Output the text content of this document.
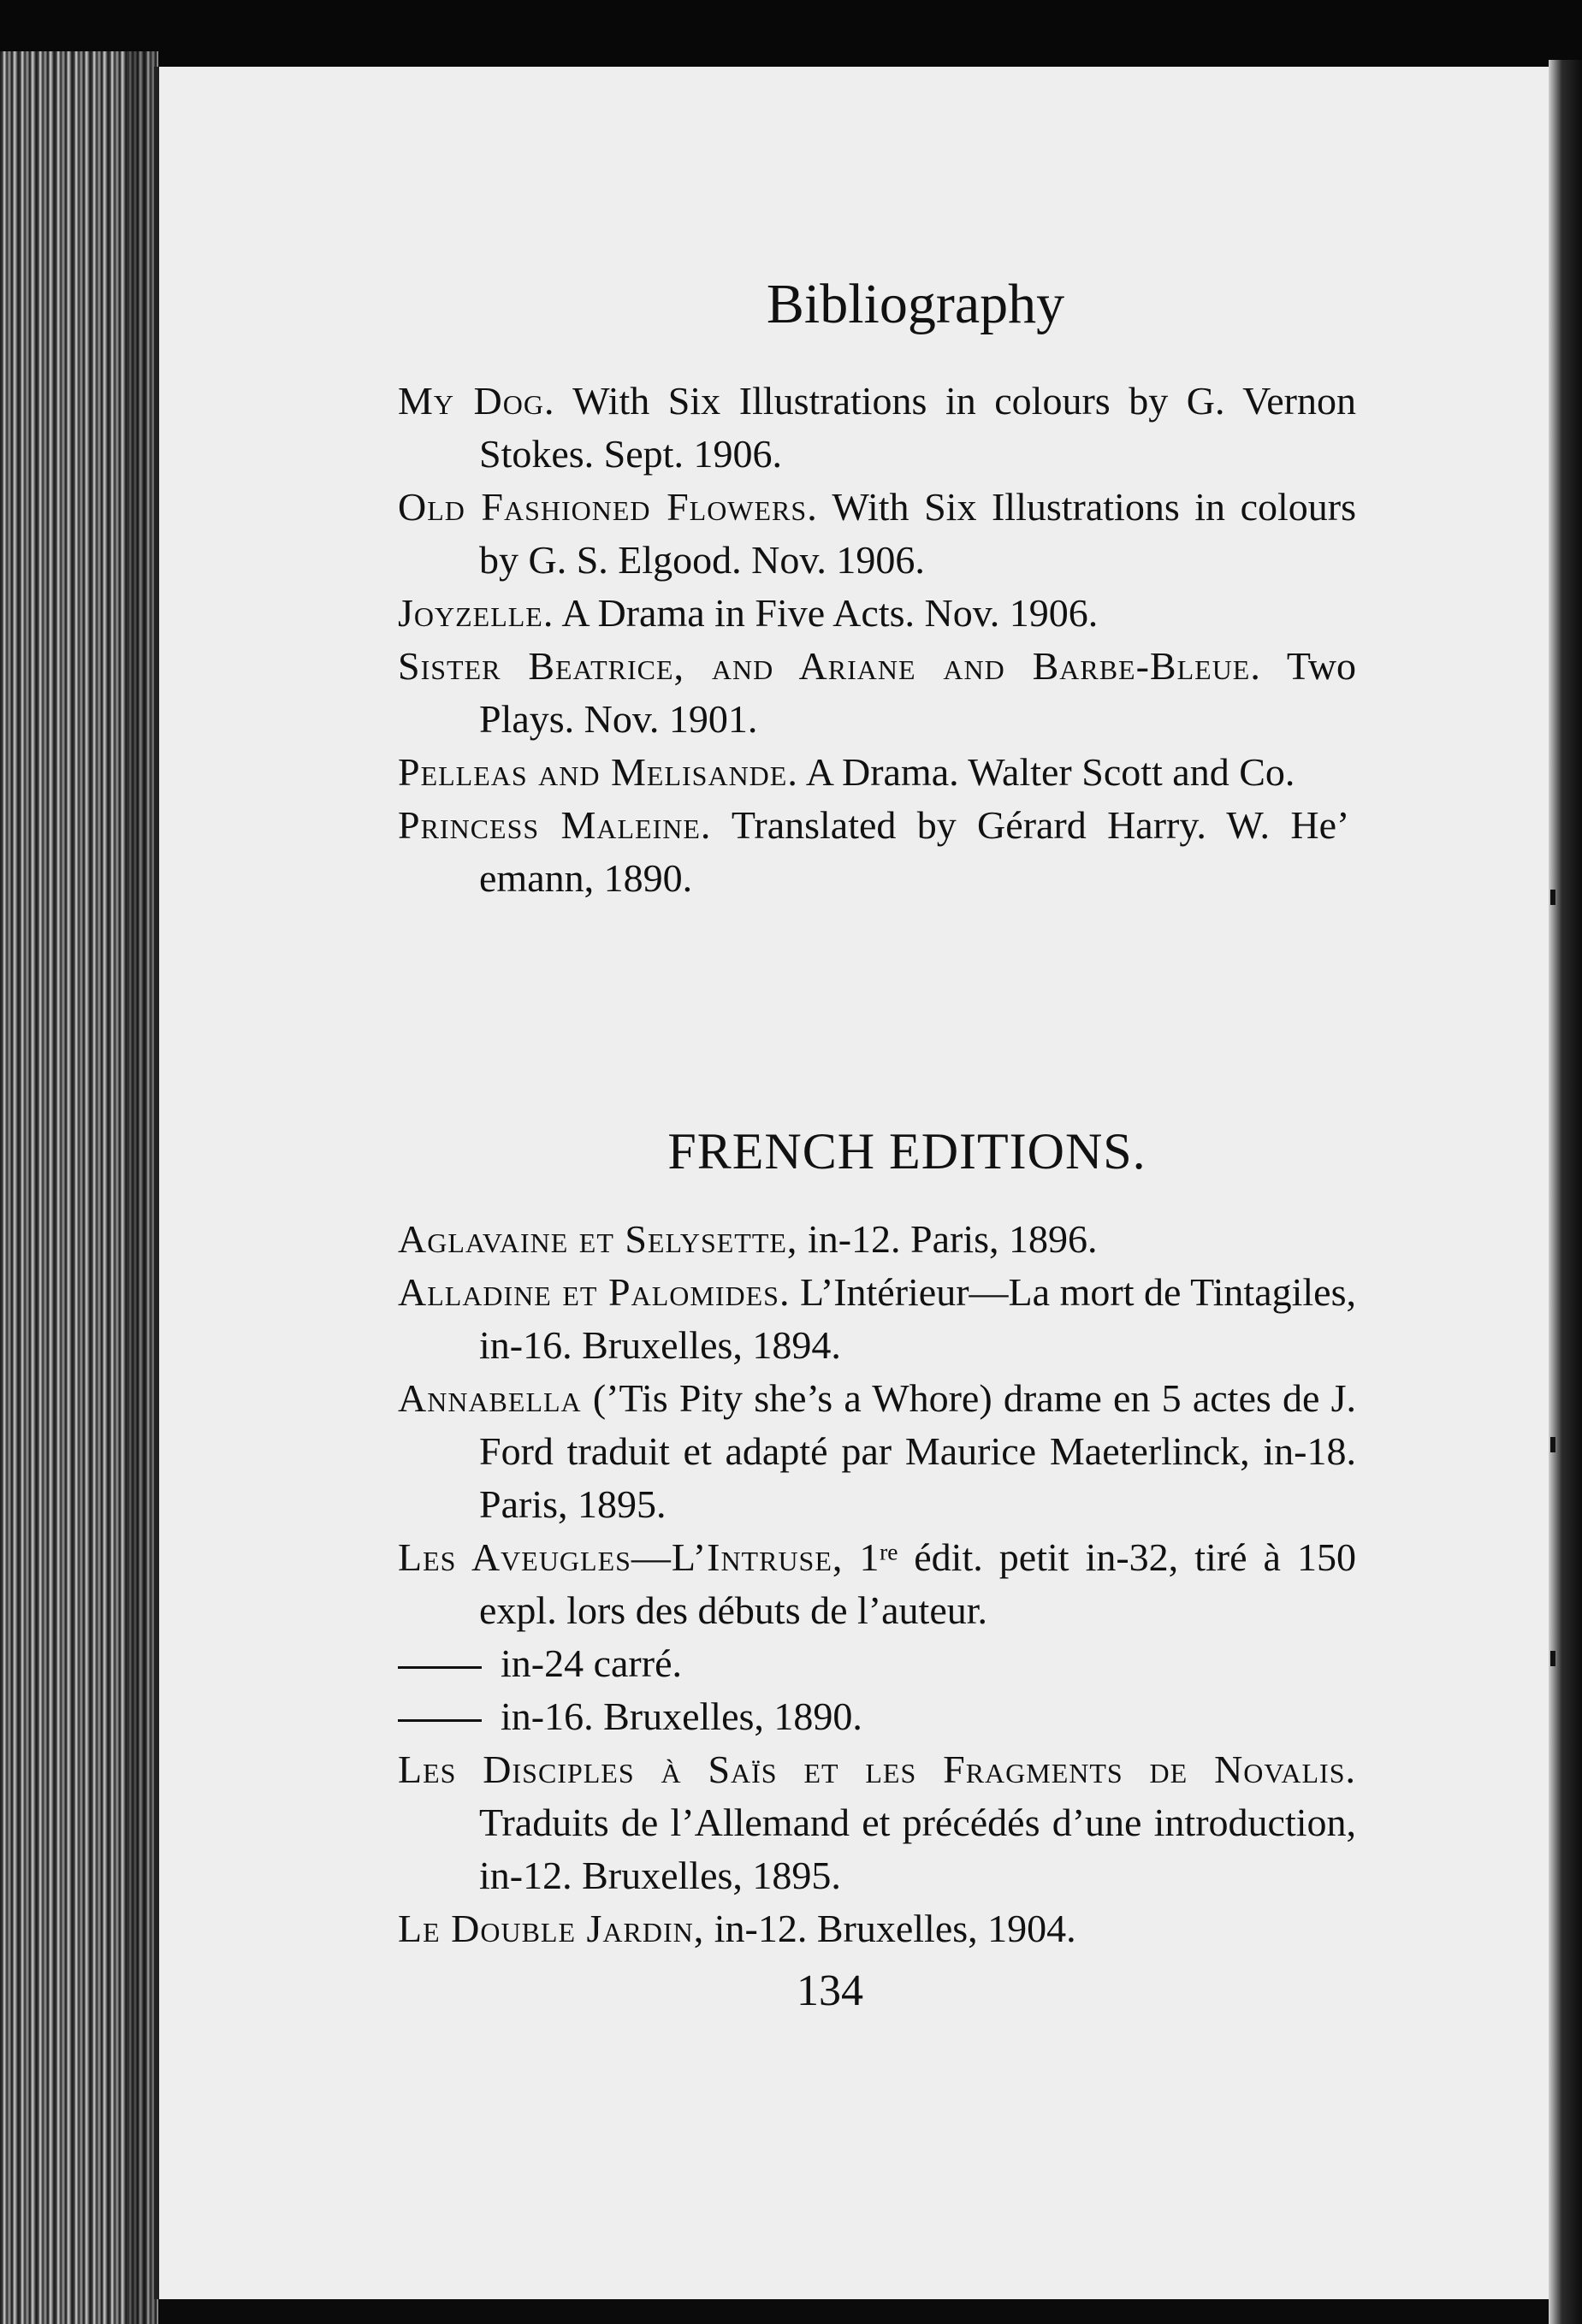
Bibliography

My Dog. With Six Illustrations in colours by G. Vernon Stokes. Sept. 1906.

Old Fashioned Flowers. With Six Illustrations in colours by G. S. Elgood. Nov. 1906.

Joyzelle. A Drama in Five Acts. Nov. 1906.

Sister Beatrice, and Ariane and Barbe-Bleue. Two Plays. Nov. 1901.

Pelleas and Melisande. A Drama. Walter Scott and Co.

Princess Maleine. Translated by Gérard Harry. W. He’  emann, 1890.

FRENCH EDITIONS.

Aglavaine et Selysette, in-12. Paris, 1896.

Alladine et Palomides. L’Intérieur—La mort de Tintagiles, in-16. Bruxelles, 1894.

Annabella (’Tis Pity she’s a Whore) drame en 5 actes de J. Ford traduit et adapté par Maurice Maeterlinck, in-18. Paris, 1895.

Les Aveugles—L’Intruse, 1ʳᵉ édit. petit in-32, tiré à 150 expl. lors des débuts de l’auteur.

in-24 carré.

in-16. Bruxelles, 1890.

Les Disciples à Saïs et les Fragments de Novalis. Traduits de l’Allemand et précédés d’une introduction, in-12. Bruxelles, 1895.

Le Double Jardin, in-12. Bruxelles, 1904.

134
